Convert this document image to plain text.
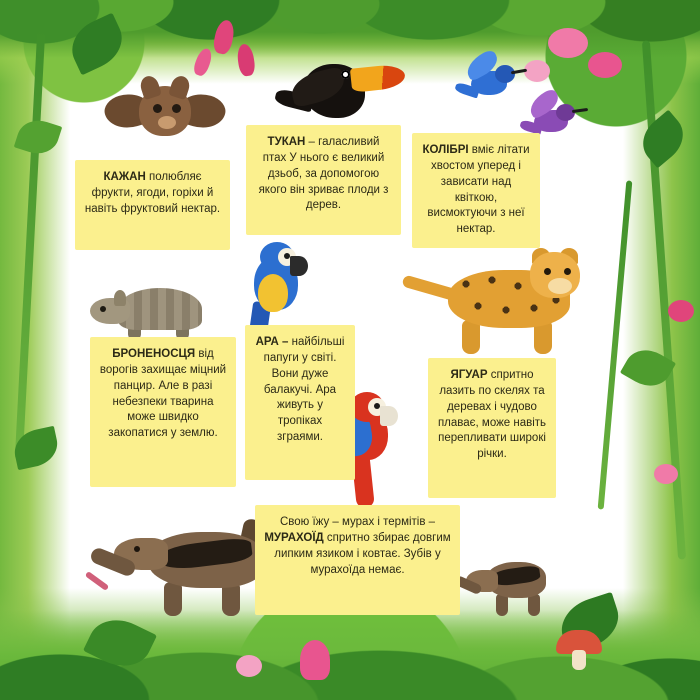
КАЖАН полюбляє фрукти, ягоди, горіхи й навіть фруктовий нектар.
ТУКАН – галасливий птах У нього є великий дзьоб, за допомогою якого він зриває плоди з дерев.
КОЛІБРІ вміє літати хвостом уперед і зависати над квіткою, висмоктуючи з неї нектар.
БРОНЕНОСЦЯ від ворогів захищає міцний панцир. Але в разі небезпеки тварина може швидко закопатися у землю.
АРА – найбільші папуги у світі. Вони дуже балакучі. Ара живуть у тропіках зграями.
ЯГУАР спритно лазить по скелях та деревах і чудово плаває, може навіть перепливати широкі річки.
Свою їжу – мурах і термітів – МУРАХОЇД спритно збирає довгим липким язиком і ковтає. Зубів у мурахоїда немає.
